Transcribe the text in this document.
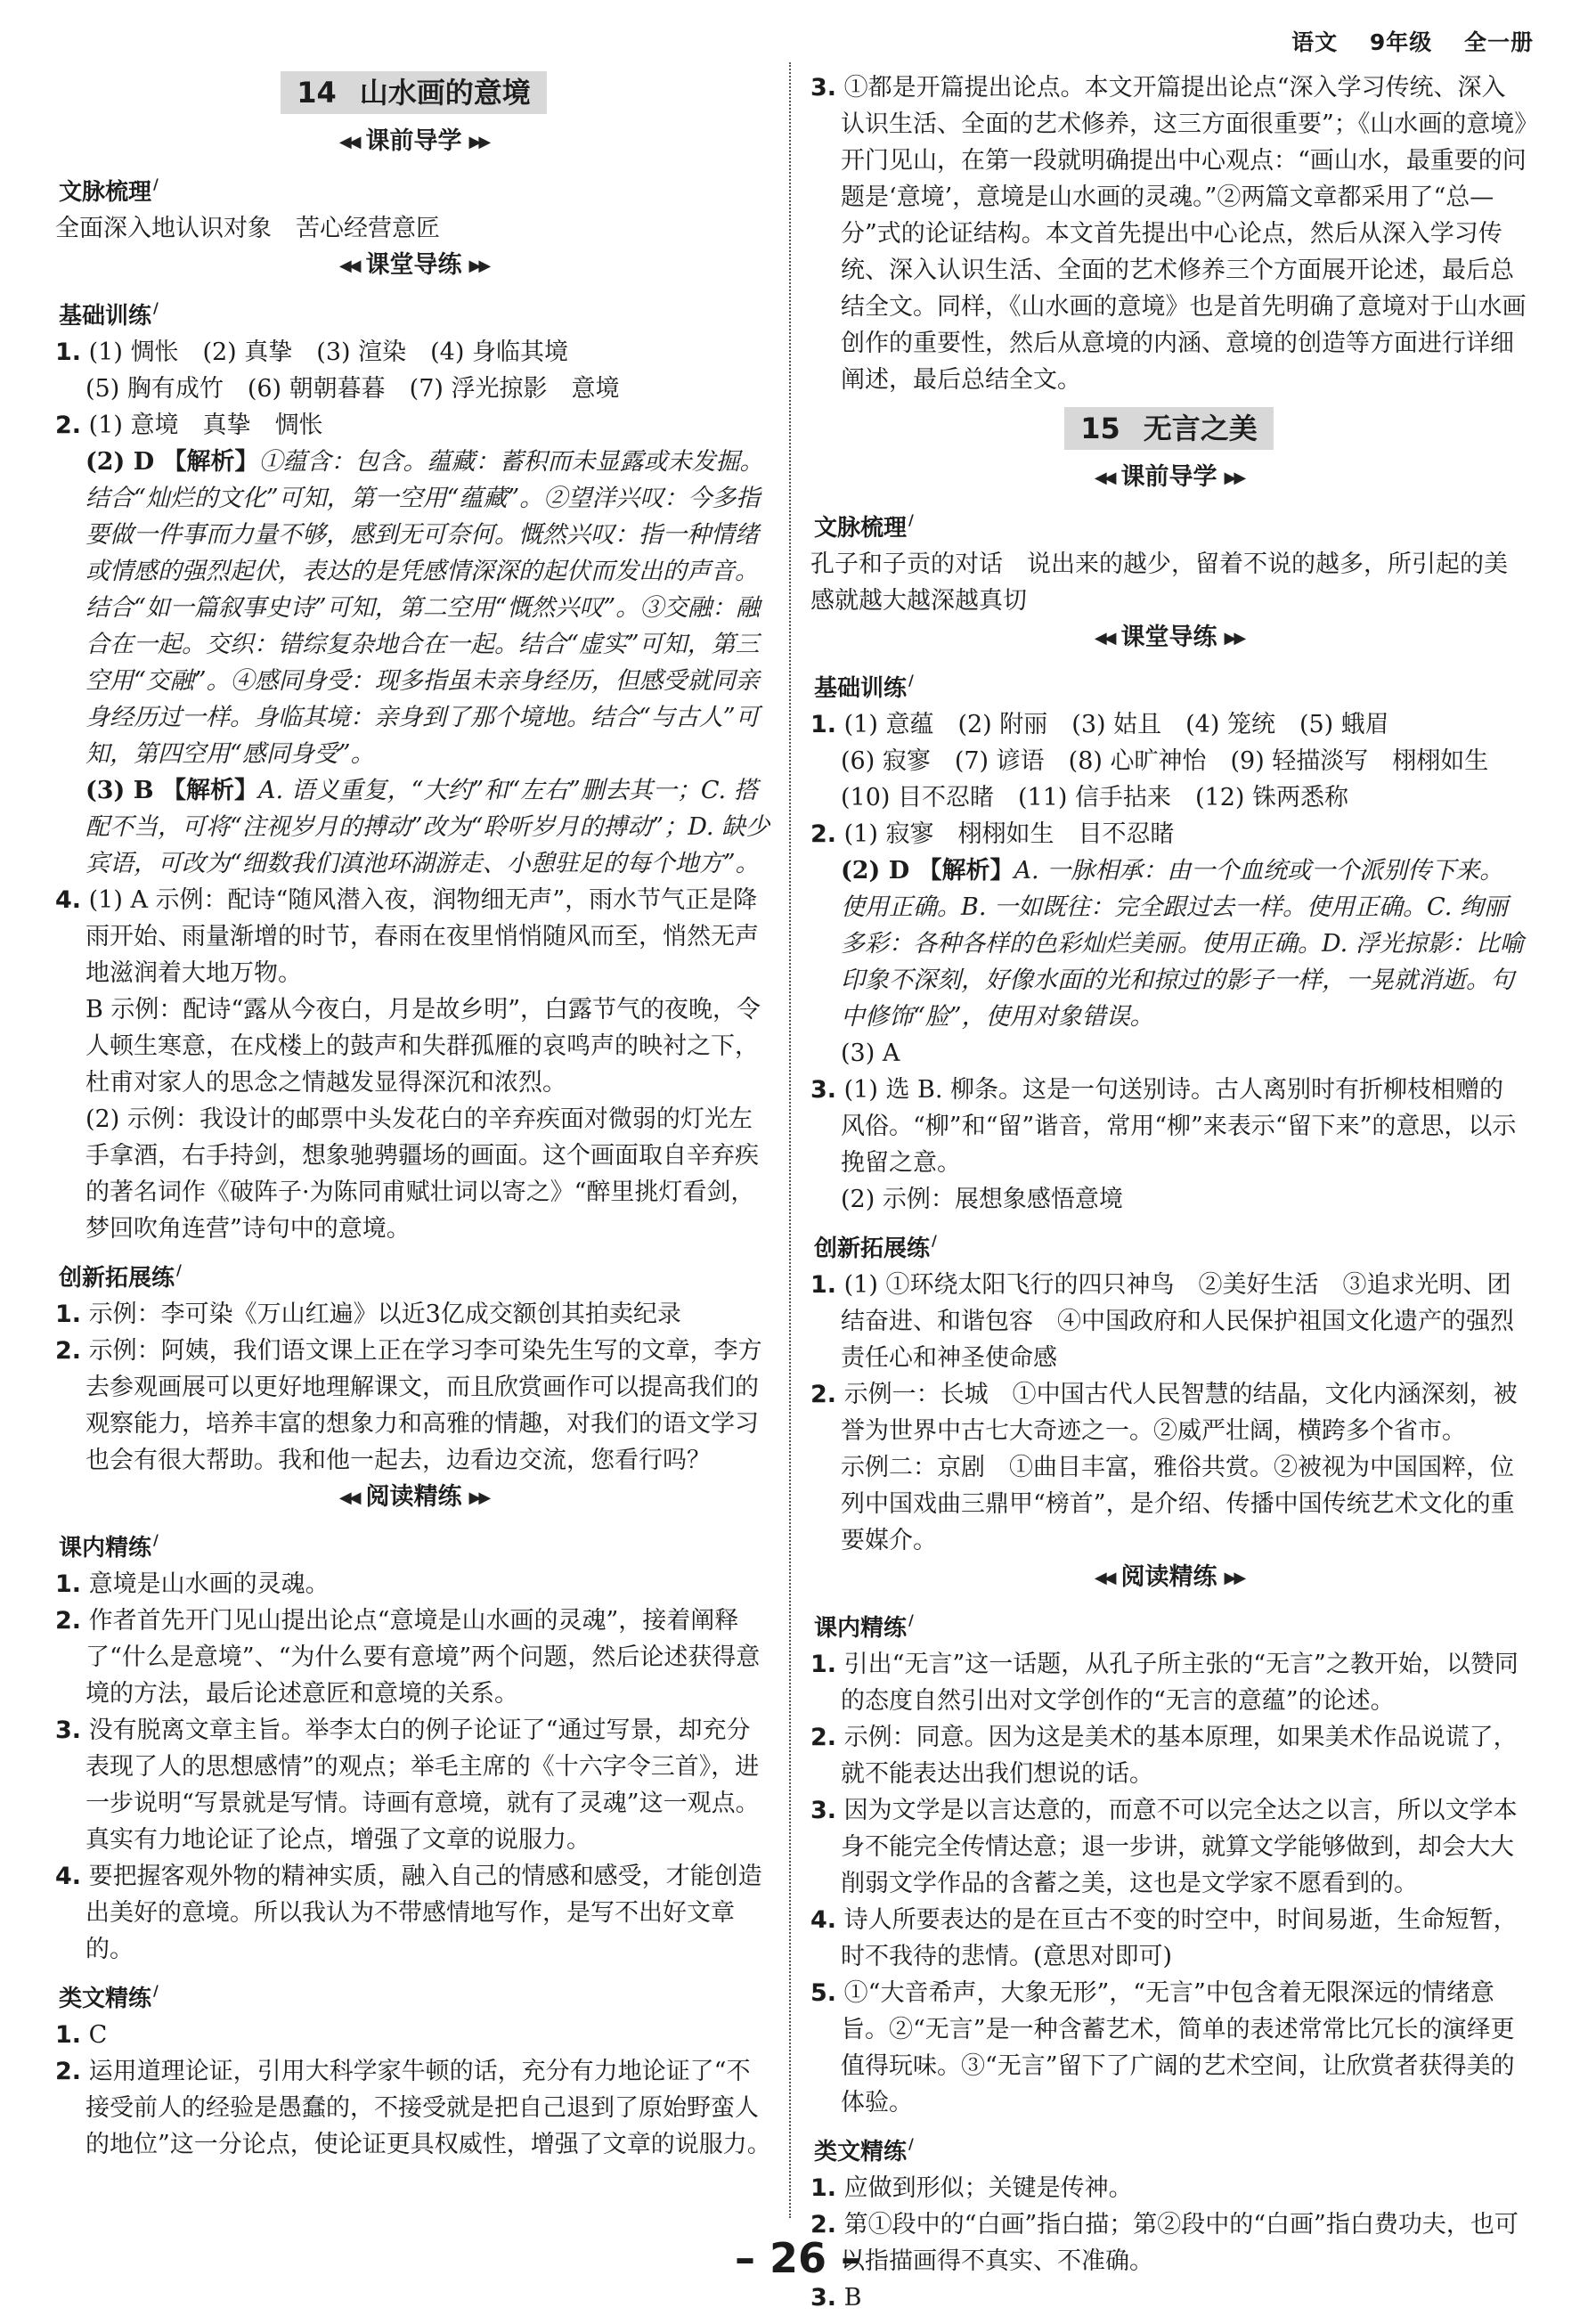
语文 9年级 全一册
14 山水画的意境
◀◀ 课前导学 ▶▶
文脉梳理 /

全面深入地认识对象　苦心经营意匠

◀◀ 课堂导练 ▶▶
基础训练 /

1. (1) 惆怅　(2) 真挚　(3) 渲染　(4) 身临其境

(5) 胸有成竹　(6) 朝朝暮暮　(7) 浮光掠影　意境

2. (1) 意境　真挚　惆怅

(2) D 【解析】①蕴含：包含。蕴藏：蓄积而未显露或未发掘。结合“灿烂的文化”可知，第一空用“蕴藏”。②望洋兴叹：今多指要做一件事而力量不够，感到无可奈何。慨然兴叹：指一种情绪或情感的强烈起伏，表达的是凭感情深深的起伏而发出的声音。结合“如一篇叙事史诗”可知，第二空用“慨然兴叹”。③交融：融合在一起。交织：错综复杂地合在一起。结合“虚实”可知，第三空用“交融”。④感同身受：现多指虽未亲身经历，但感受就同亲身经历过一样。身临其境：亲身到了那个境地。结合“与古人”可知，第四空用“感同身受”。

(3) B 【解析】A. 语义重复，“大约”和“左右”删去其一；C. 搭配不当，可将“注视岁月的搏动”改为“聆听岁月的搏动”；D. 缺少宾语，可改为“细数我们滇池环湖游走、小憩驻足的每个地方”。

4. (1) A 示例：配诗“随风潜入夜，润物细无声”，雨水节气正是降雨开始、雨量渐增的时节，春雨在夜里悄悄随风而至，悄然无声地滋润着大地万物。

B 示例：配诗“露从今夜白，月是故乡明”，白露节气的夜晚，令人顿生寒意，在戍楼上的鼓声和失群孤雁的哀鸣声的映衬之下，杜甫对家人的思念之情越发显得深沉和浓烈。

(2) 示例：我设计的邮票中头发花白的辛弃疾面对微弱的灯光左手拿酒，右手持剑，想象驰骋疆场的画面。这个画面取自辛弃疾的著名词作《破阵子·为陈同甫赋壮词以寄之》“醉里挑灯看剑，梦回吹角连营”诗句中的意境。

创新拓展练 /

1. 示例：李可染《万山红遍》以近3亿成交额创其拍卖纪录

2. 示例：阿姨，我们语文课上正在学习李可染先生写的文章，李方去参观画展可以更好地理解课文，而且欣赏画作可以提高我们的观察能力，培养丰富的想象力和高雅的情趣，对我们的语文学习也会有很大帮助。我和他一起去，边看边交流，您看行吗？

◀◀ 阅读精练 ▶▶
课内精练 /

1. 意境是山水画的灵魂。

2. 作者首先开门见山提出论点“意境是山水画的灵魂”，接着阐释了“什么是意境”、“为什么要有意境”两个问题，然后论述获得意境的方法，最后论述意匠和意境的关系。

3. 没有脱离文章主旨。举李太白的例子论证了“通过写景，却充分表现了人的思想感情”的观点；举毛主席的《十六字令三首》，进一步说明“写景就是写情。诗画有意境，就有了灵魂”这一观点。真实有力地论证了论点，增强了文章的说服力。

4. 要把握客观外物的精神实质，融入自己的情感和感受，才能创造出美好的意境。所以我认为不带感情地写作，是写不出好文章的。

类文精练 /

1. C

2. 运用道理论证，引用大科学家牛顿的话，充分有力地论证了“不接受前人的经验是愚蠢的，不接受就是把自己退到了原始野蛮人的地位”这一分论点，使论证更具权威性，增强了文章的说服力。

3. ①都是开篇提出论点。本文开篇提出论点“深入学习传统、深入认识生活、全面的艺术修养，这三方面很重要”；《山水画的意境》开门见山，在第一段就明确提出中心观点：“画山水，最重要的问题是‘意境’，意境是山水画的灵魂。”②两篇文章都采用了“总—分”式的论证结构。本文首先提出中心论点，然后从深入学习传统、深入认识生活、全面的艺术修养三个方面展开论述，最后总结全文。同样，《山水画的意境》也是首先明确了意境对于山水画创作的重要性，然后从意境的内涵、意境的创造等方面进行详细阐述，最后总结全文。

15 无言之美
◀◀ 课前导学 ▶▶
文脉梳理 /

孔子和子贡的对话　说出来的越少，留着不说的越多，所引起的美感就越大越深越真切

◀◀ 课堂导练 ▶▶
基础训练 /

1. (1) 意蕴　(2) 附丽　(3) 姑且　(4) 笼统　(5) 蛾眉

(6) 寂寥　(7) 谚语　(8) 心旷神怡　(9) 轻描淡写　栩栩如生

(10) 目不忍睹　(11) 信手拈来　(12) 铢两悉称

2. (1) 寂寥　栩栩如生　目不忍睹

(2) D 【解析】A. 一脉相承：由一个血统或一个派别传下来。使用正确。B. 一如既往：完全跟过去一样。使用正确。C. 绚丽多彩：各种各样的色彩灿烂美丽。使用正确。D. 浮光掠影：比喻印象不深刻，好像水面的光和掠过的影子一样，一晃就消逝。句中修饰“脸”，使用对象错误。

(3) A

3. (1) 选 B. 柳条。这是一句送别诗。古人离别时有折柳枝相赠的风俗。“柳”和“留”谐音，常用“柳”来表示“留下来”的意思，以示挽留之意。

(2) 示例：展想象感悟意境

创新拓展练 /

1. (1) ①环绕太阳飞行的四只神鸟　②美好生活　③追求光明、团结奋进、和谐包容　④中国政府和人民保护祖国文化遗产的强烈责任心和神圣使命感

2. 示例一：长城　①中国古代人民智慧的结晶，文化内涵深刻，被誉为世界中古七大奇迹之一。②威严壮阔，横跨多个省市。

示例二：京剧　①曲目丰富，雅俗共赏。②被视为中国国粹，位列中国戏曲三鼎甲“榜首”，是介绍、传播中国传统艺术文化的重要媒介。

◀◀ 阅读精练 ▶▶
课内精练 /

1. 引出“无言”这一话题，从孔子所主张的“无言”之教开始，以赞同的态度自然引出对文学创作的“无言的意蕴”的论述。

2. 示例：同意。因为这是美术的基本原理，如果美术作品说谎了，就不能表达出我们想说的话。

3. 因为文学是以言达意的，而意不可以完全达之以言，所以文学本身不能完全传情达意；退一步讲，就算文学能够做到，却会大大削弱文学作品的含蓄之美，这也是文学家不愿看到的。

4. 诗人所要表达的是在亘古不变的时空中，时间易逝，生命短暂，时不我待的悲情。(意思对即可)

5. ①“大音希声，大象无形”，“无言”中包含着无限深远的情绪意旨。②“无言”是一种含蓄艺术，简单的表述常常比冗长的演绎更值得玩味。③“无言”留下了广阔的艺术空间，让欣赏者获得美的体验。

类文精练 /

1. 应做到形似；关键是传神。

2. 第①段中的“白画”指白描；第②段中的“白画”指白费功夫，也可以指描画得不真实、不准确。

3. B

– 26 –
